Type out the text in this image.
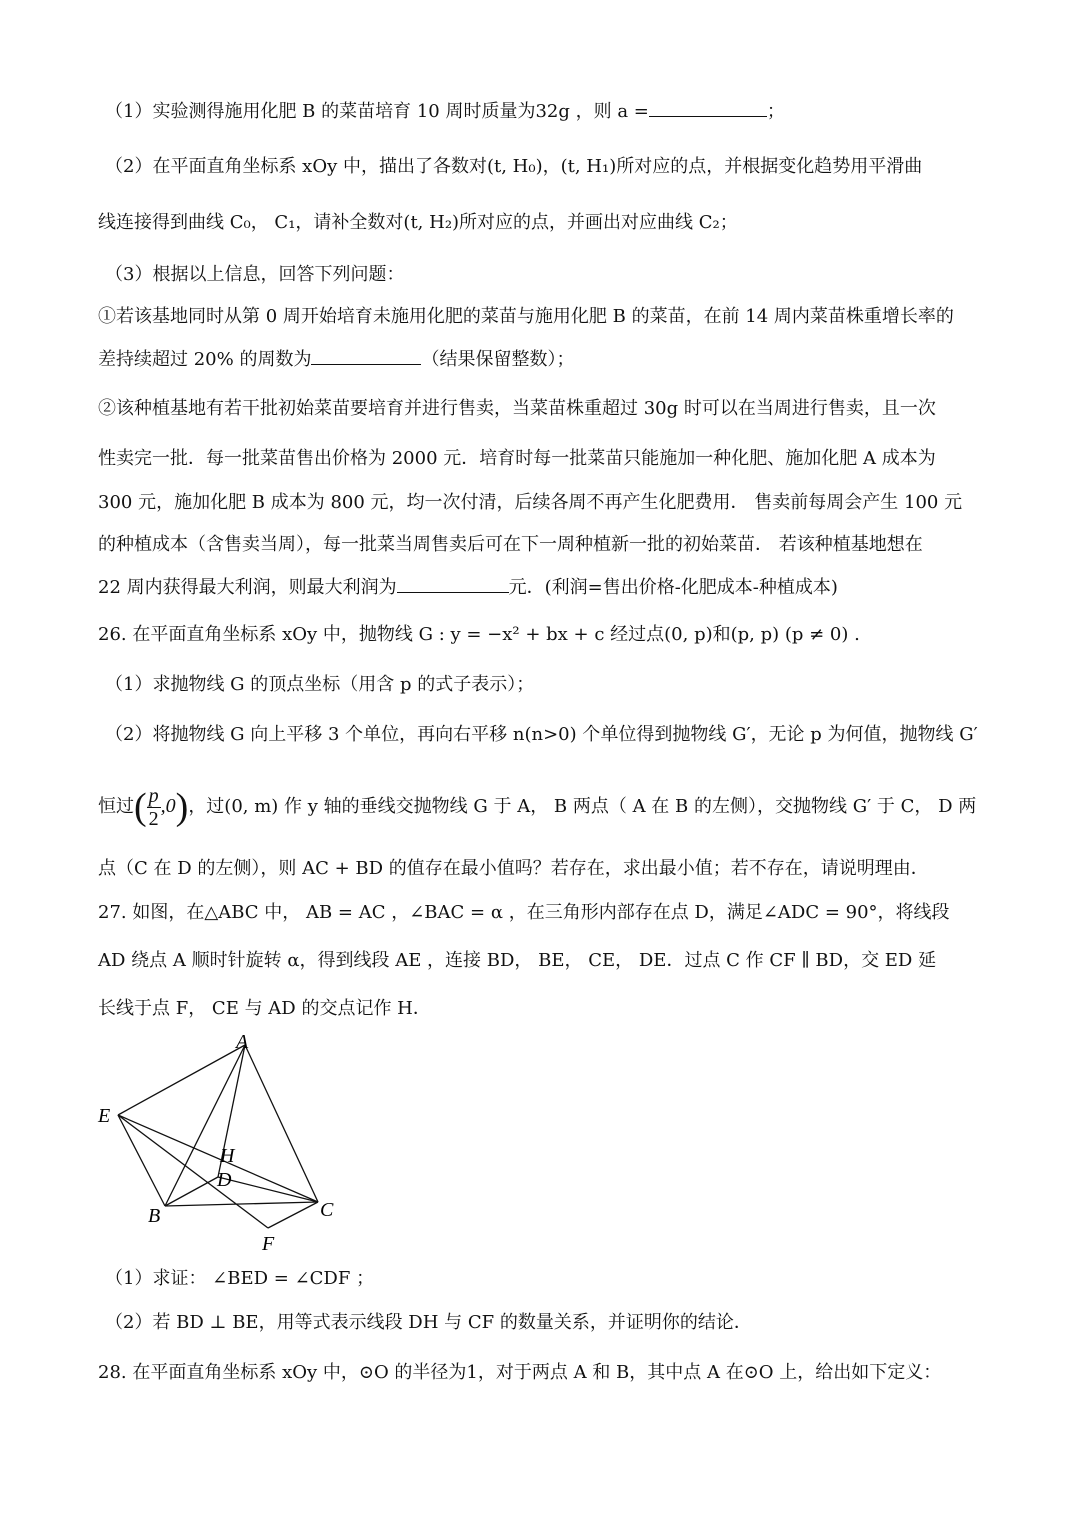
（1）实验测得施用化肥 B 的菜苗培育 10 周时质量为32g ，则 a =	；
（2）在平面直角坐标系 xOy 中，描出了各数对(t, H₀)，(t, H₁)所对应的点，并根据变化趋势用平滑曲
线连接得到曲线 C₀， C₁，请补全数对(t, H₂)所对应的点，并画出对应曲线 C₂；
（3）根据以上信息，回答下列问题：
①若该基地同时从第 0 周开始培育未施用化肥的菜苗与施用化肥 B 的菜苗，在前 14 周内菜苗株重增长率的
差持续超过 20% 的周数为	（结果保留整数）；
②该种植基地有若干批初始菜苗要培育并进行售卖，当菜苗株重超过 30g 时可以在当周进行售卖，且一次
性卖完一批．每一批菜苗售出价格为 2000 元．培育时每一批菜苗只能施加一种化肥、施加化肥 A 成本为
300 元，施加化肥 B 成本为 800 元，均一次付清，后续各周不再产生化肥费用． 售卖前每周会产生 100 元
的种植成本（含售卖当周），每一批菜当周售卖后可在下一周种植新一批的初始菜苗． 若该种植基地想在
22 周内获得最大利润，则最大利润为	元．(利润=售出价格-化肥成本-种植成本)
26. 在平面直角坐标系 xOy 中，抛物线 G : y = −x² + bx + c 经过点(0, p)和(p, p) (p ≠ 0) .
（1）求抛物线 G 的顶点坐标（用含 p 的式子表示）；
（2）将抛物线 G 向上平移 3 个单位，再向右平移 n(n>0) 个单位得到抛物线 G′，无论 p 为何值，抛物线 G′
恒过( $\frac{p}{2} ,0$)，过(0, m) 作 y 轴的垂线交抛物线 G 于 A， B 两点（ A 在 B 的左侧），交抛物线 G′ 于 C， D 两
点（C 在 D 的左侧），则 AC + BD 的值存在最小值吗？若存在，求出最小值；若不存在，请说明理由．
27. 如图，在△ABC 中， AB = AC ，∠BAC = α ，在三角形内部存在点 D，满足∠ADC = 90°，将线段
AD 绕点 A 顺时针旋转 α，得到线段 AE ，连接 BD， BE， CE， DE．过点 C 作 CF ∥ BD，交 ED 延
长线于点 F， CE 与 AD 的交点记作 H．
A
E
H
D
B	C
F
（1）求证： ∠BED = ∠CDF ；
（2）若 BD ⊥ BE，用等式表示线段 DH 与 CF 的数量关系，并证明你的结论．
28. 在平面直角坐标系 xOy 中，⊙O 的半径为1，对于两点 A 和 B，其中点 A 在⊙O 上，给出如下定义：
